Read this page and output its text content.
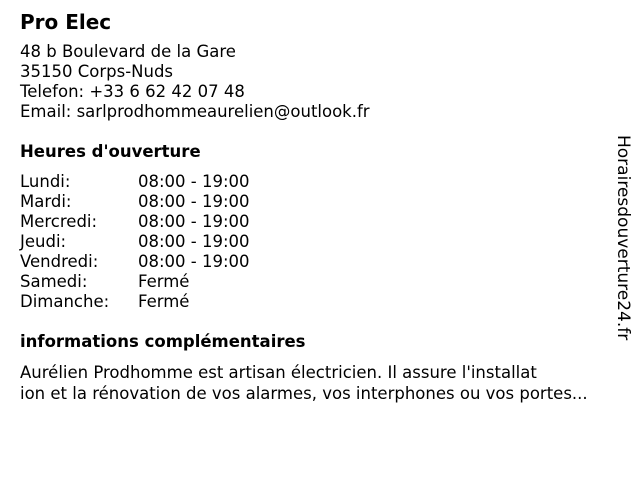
Pro Elec
48 b Boulevard de la Gare
35150 Corps-Nuds
Telefon: +33 6 62 42 07 48
Email: sarlprodhommeaurelien@outlook.fr
Heures d'ouverture
Lundi:	08:00 - 19:00
Mardi:	08:00 - 19:00
Mercredi:	08:00 - 19:00
Jeudi:	08:00 - 19:00
Vendredi:	08:00 - 19:00
Samedi:	Fermé
Dimanche:	Fermé
informations complémentaires
Aurélien Prodhomme est artisan électricien. Il assure l'installat
ion et la rénovation de vos alarmes, vos interphones ou vos portes...
Horairesdouverture24.fr
